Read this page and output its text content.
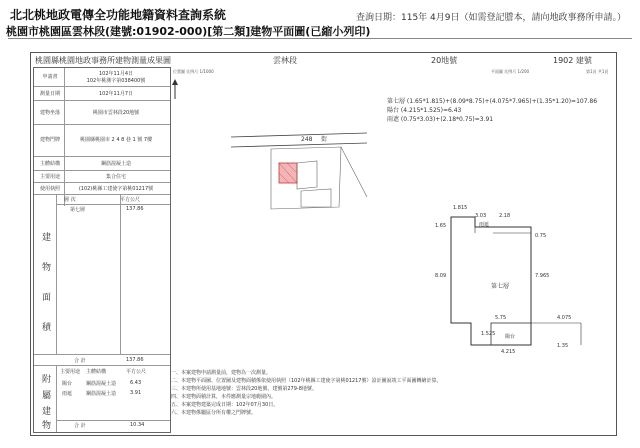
北北桃地政電傳全功能地籍資料查詢系統
桃園市桃園區雲林段(建號:01902-000)[第二類]建物平面圖(已縮小列印)
查詢日期：115年 4月9日（如需登記謄本，請向地政事務所申請。）
桃園縣桃園地政事務所建物測量成果圖	雲林段	20地號	1902 建號
申請書	102年11月4日
102年桃測字第038400號
測量日期	102年11月7日
建物坐落	桃園市雲林段20地號
建物門牌	桃園縣桃園市 2 4 8 巷 1 號 7樓
主體結構	鋼筋混凝土造
主要用途	集合住宅
使用執照	(102)桃縣工建使字第桃01217號
層 次	平方公尺
第七層	137.86
建
物
面
積
合 計	137.86
附
屬
建
物
主要用途 主體結構	平方公尺
陽台	鋼筋混凝土造	6.43
雨遮	鋼筋混凝土造	3.91
合 計	10.34
位置圖 比例尺 1/1000
248 街
平面圖 比例尺 1/200	第1頁 共1頁
第七層 (1.65*1.815)+(8.09*8.75)+(4.075*7.965)+(1.35*1.20)=107.86
陽台 (4.215*1.525)=6.43
雨遮 (0.75*3.03)+(2.18*0.75)=3.91
1.815
3.03	2.18
8.09	7.965
5.75	4.075
4.215
1.525
1.65
1.35
0.75
第七層
雨遮
陽台
一、本案建物申請測量前，建物為一次測量。
二、本建物平面圖、位置圖及建物面積係依使用執照（102年桃縣工建使字第桃01217號）設計圖說竣工平面圖轉繪計算。
三、本建物所使用基地地號：雲林段20地號，建號第279-8地號。
四、本建物面積計算，本件應測量宗地範圍內。
五、本案建物建築完成日期：102年07月30日。
六、本建物係屬區分所有權之門牌號。
